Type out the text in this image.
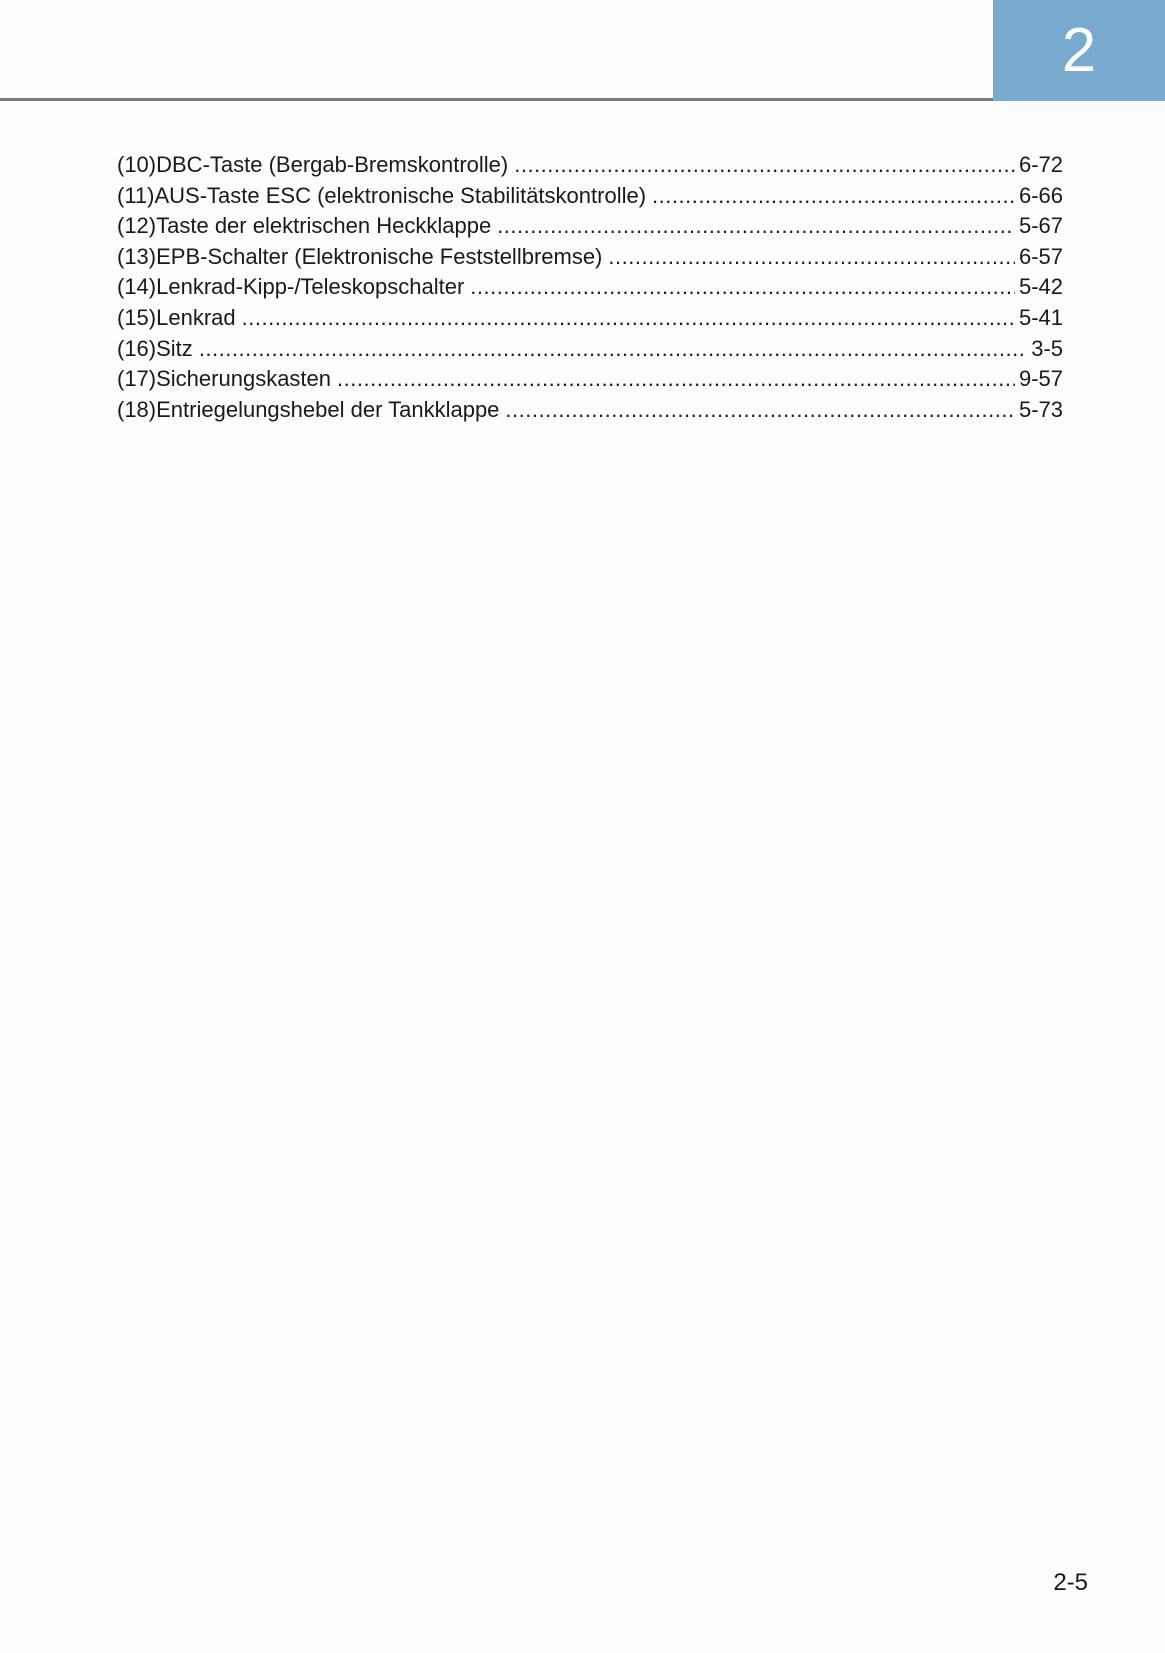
2
(10) DBC-Taste (Bergab-Bremskontrolle) .....	6-72
(11) AUS-Taste ESC (elektronische Stabilitätskontrolle) .....	6-66
(12) Taste der elektrischen Heckklappe .....	5-67
(13) EPB-Schalter (Elektronische Feststellbremse) .....	6-57
(14) Lenkrad-Kipp-/Teleskopschalter .....	5-42
(15) Lenkrad .....	5-41
(16) Sitz .....	3-5
(17) Sicherungskasten .....	9-57
(18) Entriegelungshebel der Tankklappe .....	5-73
2-5
